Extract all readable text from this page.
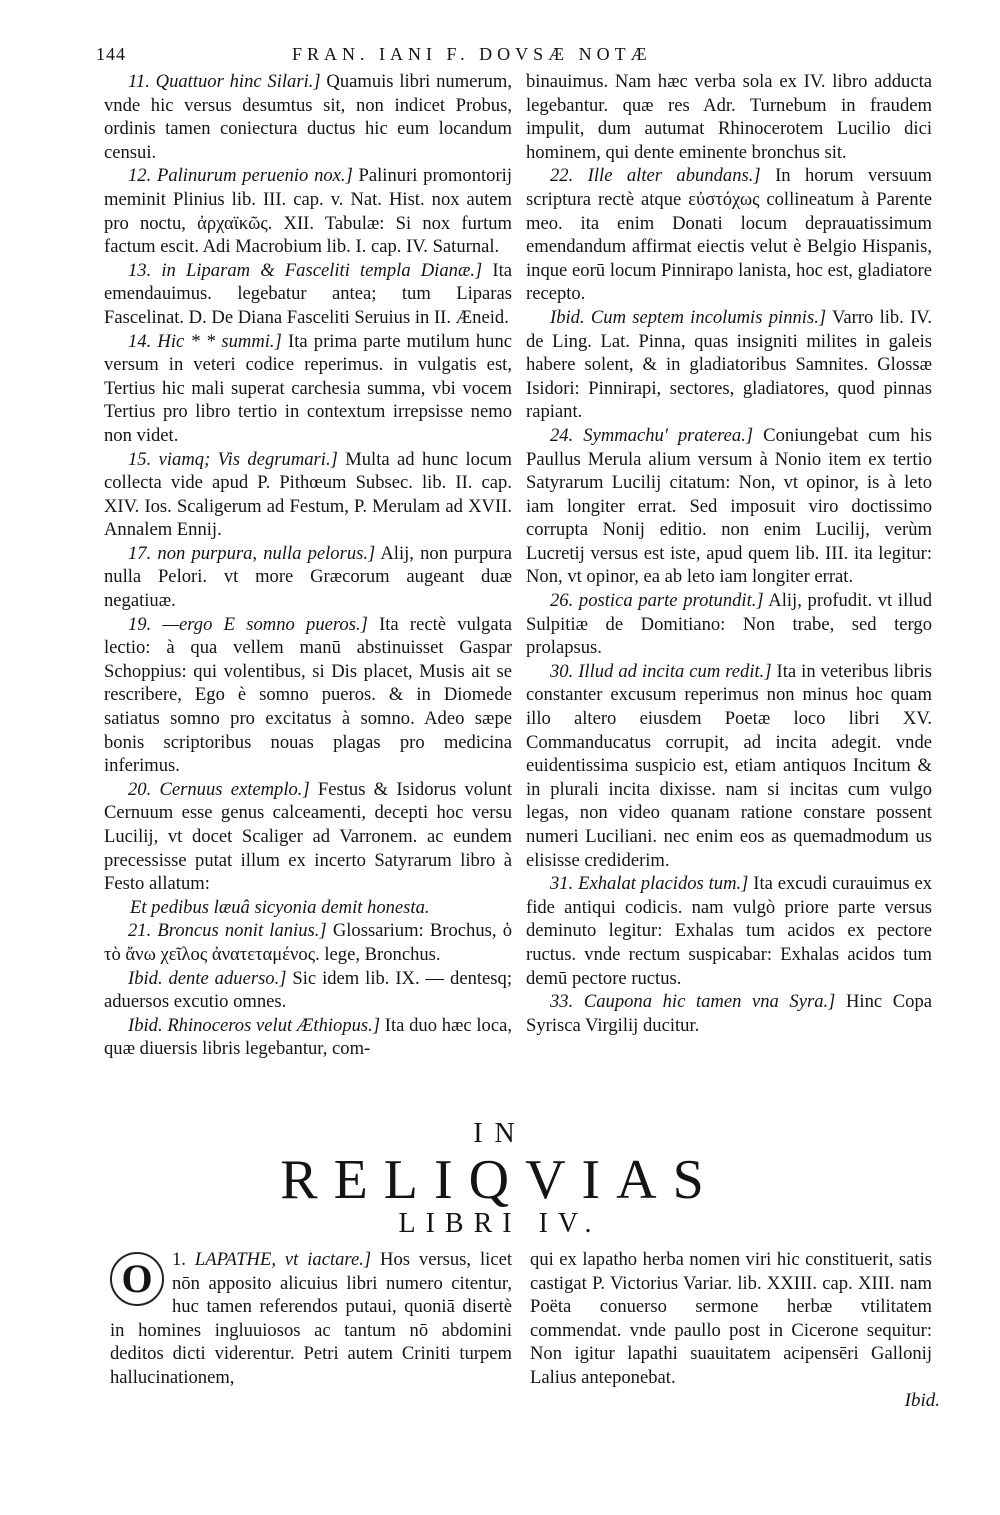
144	FRAN. IANI F. DOVSÆ NOTÆ

11. Quattuor hinc Silari.] Quamuis libri numerum, vnde hic versus desumtus sit, non indicet Probus, ordinis tamen coniectura ductus hic eum locandum censui.

12. Palinurum peruenio nox.] Palinuri promontorij meminit Plinius lib. III. cap. v. Nat. Hist. nox autem pro noctu, ἀρχαϊκῶς. XII. Tabulæ: Si nox furtum factum escit. Adi Macrobium lib. I. cap. IV. Saturnal.

13. in Liparam & Fasceliti templa Dianæ.] Ita emendauimus. legebatur antea; tum Liparas Fascelinat. D. De Diana Fasceliti Seruius in II. Æneid.

14. Hic * * summi.] Ita prima parte mutilum hunc versum in veteri codice reperimus. in vulgatis est, Tertius hic mali superat carchesia summa, vbi vocem Tertius pro libro tertio in contextum irrepsisse nemo non videt.

15. viamq; Vis degrumari.] Multa ad hunc locum collecta vide apud P. Pithœum Subsec. lib. II. cap. XIV. Ios. Scaligerum ad Festum, P. Merulam ad XVII. Annalem Ennij.

17. non purpura, nulla pelorus.] Alij, non purpura nulla Pelori. vt more Græcorum augeant duæ negatiuæ.

19. —ergo E somno pueros.] Ita rectè vulgata lectio: à qua vellem manū abstinuisset Gaspar Schoppius: qui volentibus, si Dis placet, Musis ait se rescribere, Ego è somno pueros. & in Diomede satiatus somno pro excitatus à somno. Adeo sæpe bonis scriptoribus nouas plagas pro medicina inferimus.

20. Cernuus extemplo.] Festus & Isidorus volunt Cernuum esse genus calceamenti, decepti hoc versu Lucilij, vt docet Scaliger ad Varronem. ac eundem precessisse putat illum ex incerto Satyrarum libro à Festo allatum:

Et pedibus læuâ sicyonia demit honesta.

21. Broncus nonit lanius.] Glossarium: Brochus, ὁ τὸ ἄνω χεῖλος ἀνατεταμένος. lege, Bronchus.

Ibid. dente aduerso.] Sic idem lib. IX. — dentesq; aduersos excutio omnes.

Ibid. Rhinoceros velut Æthiopus.] Ita duo hæc loca, quæ diuersis libris legebantur, com-

binauimus. Nam hæc verba sola ex IV. libro adducta legebantur. quæ res Adr. Turnebum in fraudem impulit, dum autumat Rhinocerotem Lucilio dici hominem, qui dente eminente bronchus sit.

22. Ille alter abundans.] In horum versuum scriptura rectè atque εὐστόχως collineatum à Parente meo. ita enim Donati locum deprauatissimum emendandum affirmat eiectis velut è Belgio Hispanis, inque eorū locum Pinnirapo lanista, hoc est, gladiatore recepto.

Ibid. Cum septem incolumis pinnis.] Varro lib. IV. de Ling. Lat. Pinna, quas insigniti milites in galeis habere solent, & in gladiatoribus Samnites. Glossæ Isidori: Pinnirapi, sectores, gladiatores, quod pinnas rapiant.

24. Symmachu' praterea.] Coniungebat cum his Paullus Merula alium versum à Nonio item ex tertio Satyrarum Lucilij citatum: Non, vt opinor, is à leto iam longiter errat. Sed imposuit viro doctissimo corrupta Nonij editio. non enim Lucilij, verùm Lucretij versus est iste, apud quem lib. III. ita legitur: Non, vt opinor, ea ab leto iam longiter errat.

26. postica parte protundit.] Alij, profudit. vt illud Sulpitiæ de Domitiano: Non trabe, sed tergo prolapsus.

30. Illud ad incita cum redit.] Ita in veteribus libris constanter excusum reperimus non minus hoc quam illo altero eiusdem Poetæ loco libri XV. Commanducatus corrupit, ad incita adegit. vnde euidentissima suspicio est, etiam antiquos Incitum & in plurali incita dixisse. nam si incitas cum vulgo legas, non video quanam ratione constare possent numeri Luciliani. nec enim eos as quemadmodum us elisisse crediderim.

31. Exhalat placidos tum.] Ita excudi curauimus ex fide antiqui codicis. nam vulgò priore parte versus deminuto legitur: Exhalas tum acidos ex pectore ructus. vnde rectum suspicabar: Exhalas acidos tum demū pectore ructus.

33. Caupona hic tamen vna Syra.] Hinc Copa Syrisca Virgilij ducitur.

IN
RELIQVIAS
LIBRI IV.

1.
O	LAPATHE, vt iactare.] Hos versus, licet nōn apposito alicuius libri numero citentur, huc tamen referendos putaui, quoniā disertè in homines ingluuiosos ac tantum nō abdomini deditos dicti viderentur. Petri autem Criniti turpem hallucinationem,

qui ex lapatho herba nomen viri hic constituerit, satis castigat P. Victorius Variar. lib. XXIII. cap. XIII. nam Poëta conuerso sermone herbæ vtilitatem commendat. vnde paullo post in Cicerone sequitur: Non igitur lapathi suauitatem acipensēri Gallonij Lalius anteponebat.

Ibid.
